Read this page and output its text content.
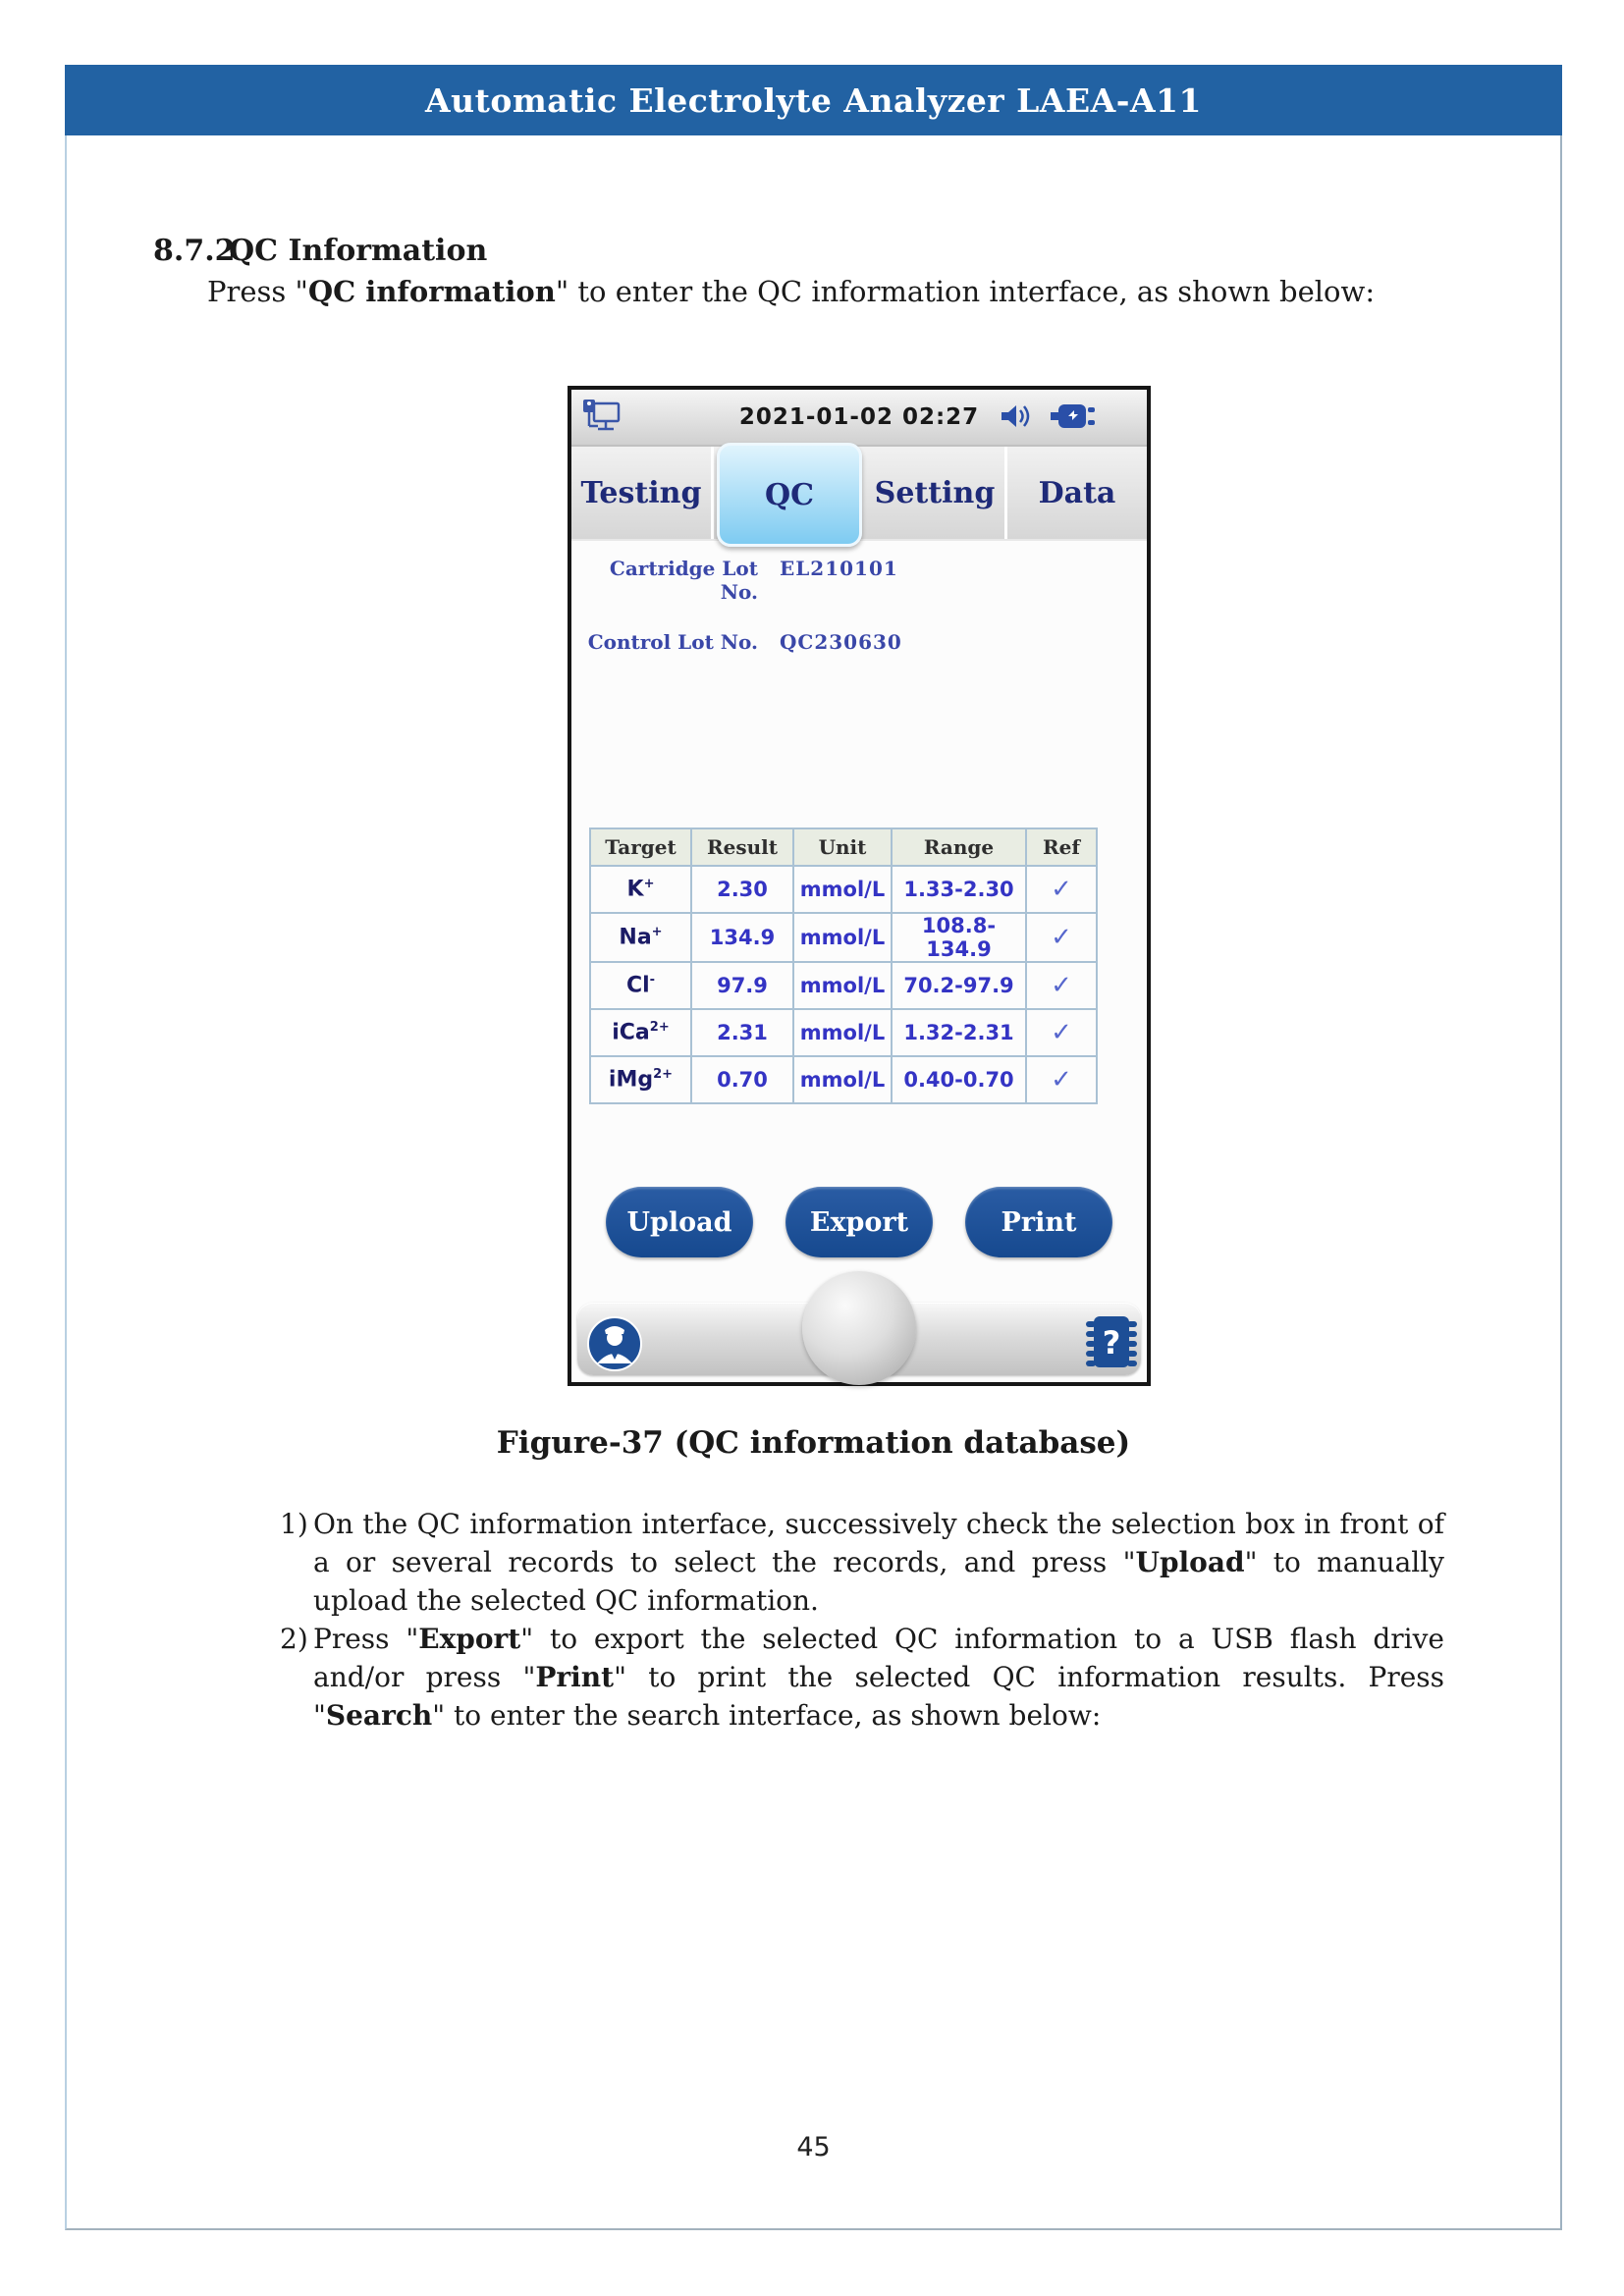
Automatic Electrolyte Analyzer LAEA-A11
8.7.2
QC Information
Press "QC information" to enter the QC information interface, as shown below:
2021-01-02 02:27
Testing QC Setting Data
Cartridge Lot No.
EL210101
Control Lot No. QC230630
Target	Result	Unit	Range	Ref
K+	2.30	mmol/L	1.33-2.30	✓
Na+	134.9	mmol/L	108.8-134.9	✓
Cl-	97.9	mmol/L	70.2-97.9	✓
iCa$^{2+}$	2.31	mmol/L	1.32-2.31	✓
iMg$^{2+}$	0.70	mmol/L	0.40-0.70	✓
Upload	Export	Print
?
Figure-37 (QC information database)
1) On the QC information interface, successively check the selection box in front of a or several records to select the records, and press "Upload" to manually upload the selected QC information.
2) Press "Export" to export the selected QC information to a USB flash drive and/or press "Print" to print the selected QC information results. Press "Search" to enter the search interface, as shown below:
45
